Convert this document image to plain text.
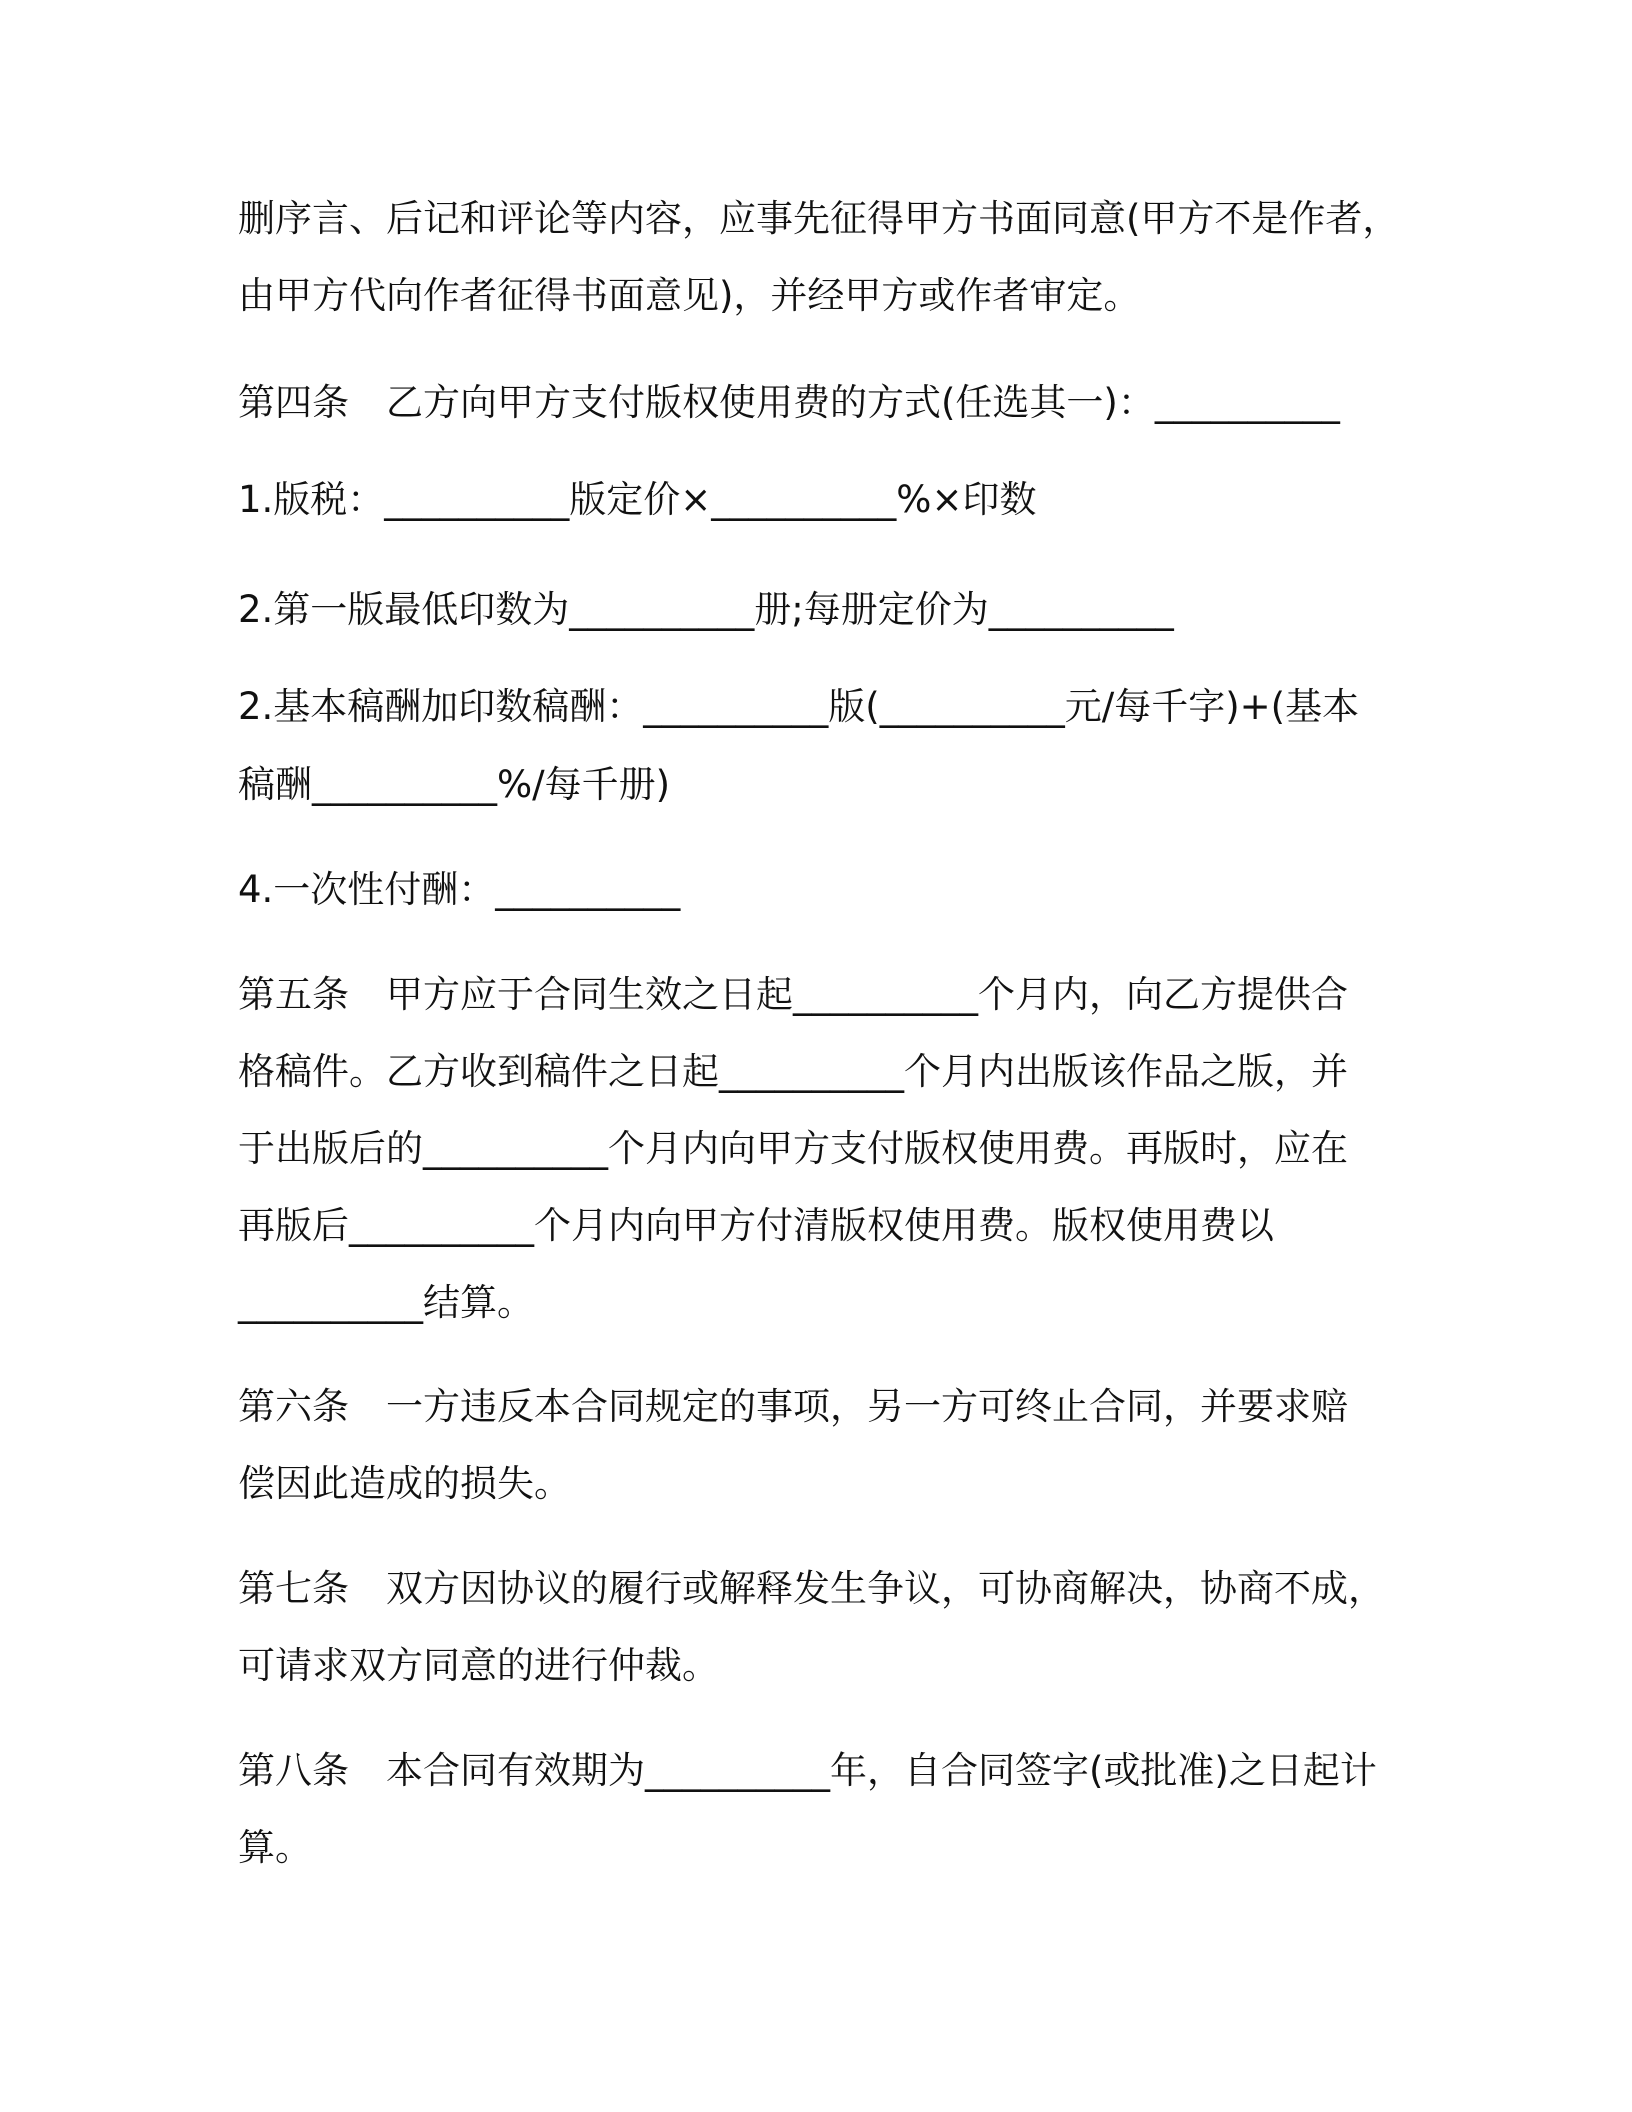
删序言、后记和评论等内容，应事先征得甲方书面同意(甲方不是作者，
由甲方代向作者征得书面意见)，并经甲方或作者审定。
第四条　乙方向甲方支付版权使用费的方式(任选其一)：__________
1.版税：__________版定价×__________%×印数
2.第一版最低印数为__________册;每册定价为__________
2.基本稿酬加印数稿酬：__________版(__________元/每千字)+(基本
稿酬__________%/每千册)
4.一次性付酬：__________
第五条　甲方应于合同生效之日起__________个月内，向乙方提供合
格稿件。乙方收到稿件之日起__________个月内出版该作品之版，并
于出版后的__________个月内向甲方支付版权使用费。再版时，应在
再版后__________个月内向甲方付清版权使用费。版权使用费以
__________结算。
第六条　一方违反本合同规定的事项，另一方可终止合同，并要求赔
偿因此造成的损失。
第七条　双方因协议的履行或解释发生争议，可协商解决，协商不成，
可请求双方同意的进行仲裁。
第八条　本合同有效期为__________年，自合同签字(或批准)之日起计
算。
